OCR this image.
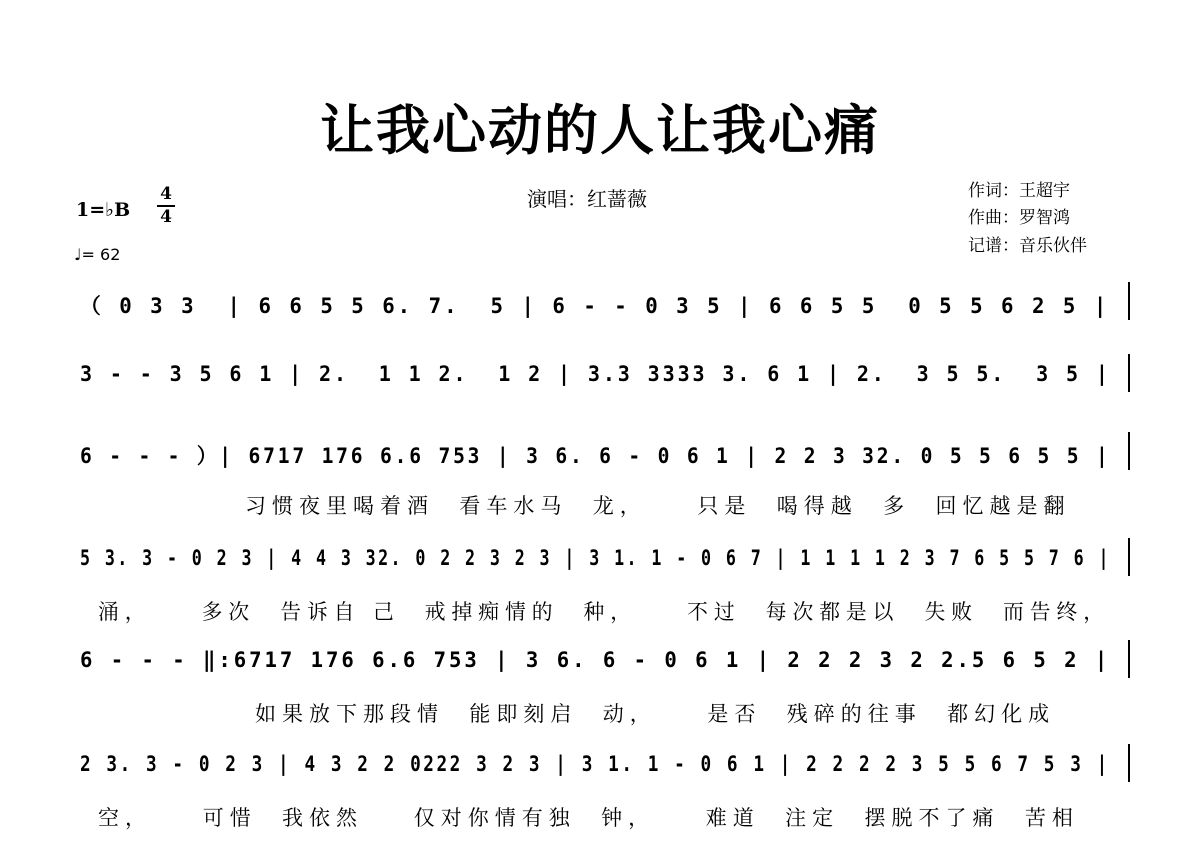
让我心动的人让我心痛
演唱：红蔷薇	作词：王超宇
作曲：罗智鸿
记谱：音乐伙伴
1=♭B
4
4
♩= 62
（ 0 3 3  | 6 6 5 5 6. 7.  5 | 6 - - 0 3 5 | 6 6 5 5  0 5 5 6 2 5 |
3 - - 3 5 6 1 | 2.  1 1 2.  1 2 | 3.3 3333 3. 6 1 | 2.  3 5 5.  3 5 |
6 - - - ）| 6717 176 6.6 753 | 3 6. 6 - 0 6 1 | 2 2 3 32. 0 5 5 6 5 5 |
习惯夜里喝着酒  看车水马  龙，    只是  喝得越  多  回忆越是翻
5 3. 3 - 0 2 3 | 4 4 3 32. 0 2 2 3 2 3 | 3 1. 1 - 0 6 7 | 1 1 1 1 2 3 7 6 5 5 7 6 |
涌，    多次  告诉自 己  戒掉痴情的  种，    不过  每次都是以  失败  而告终，
6 - - - ‖:6717 176 6.6 753 | 3 6. 6 - 0 6 1 | 2 2 2 3 2 2.5 6 5 2 |
如果放下那段情  能即刻启  动，    是否  残碎的往事  都幻化成
2 3. 3 - 0 2 3 | 4 3 2 2 0222 3 2 3 | 3 1. 1 - 0 6 1 | 2 2 2 2 3 5 5 6 7 5 3 |
空，    可惜  我依然    仅对你情有独  钟，    难道  注定  摆脱不了痛  苦相
